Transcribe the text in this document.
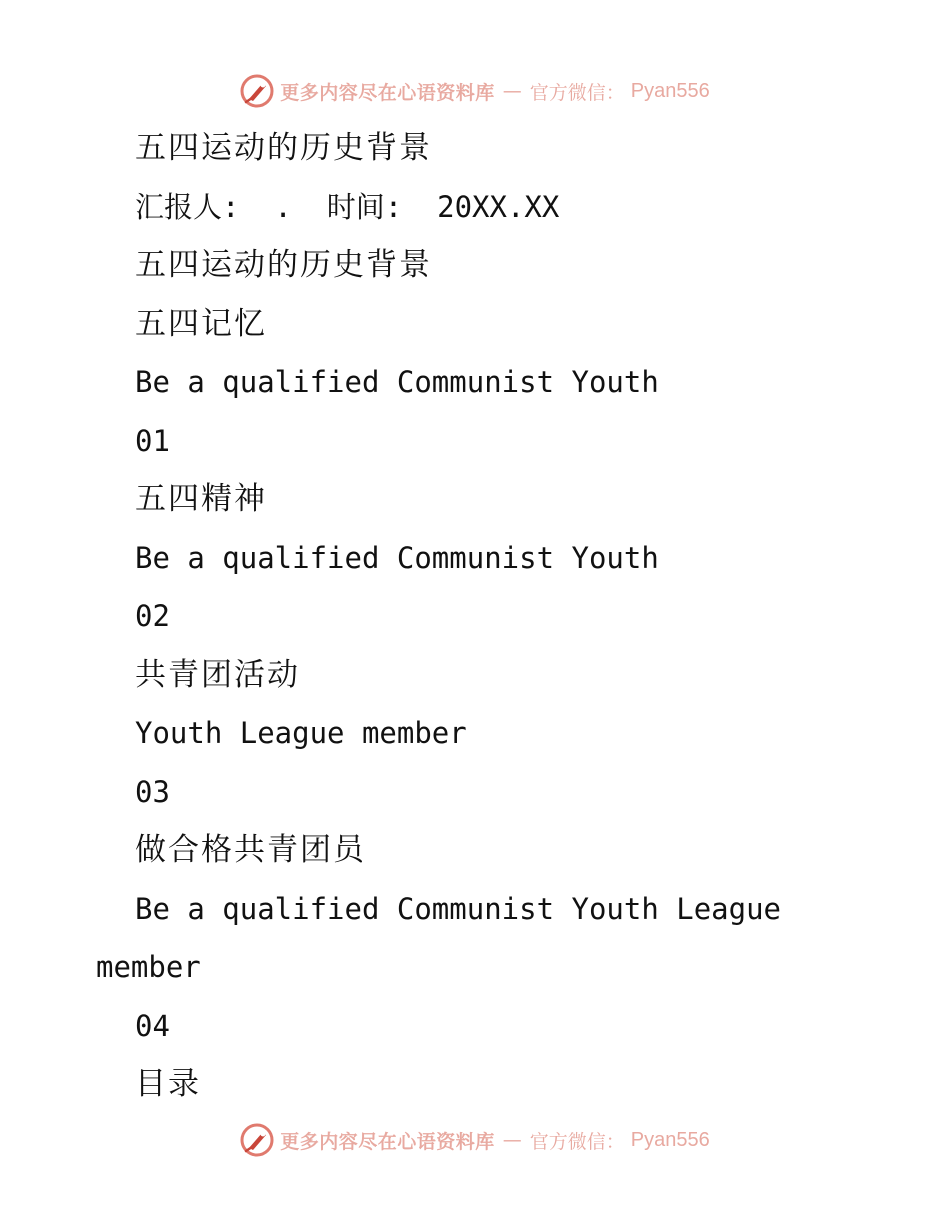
更多内容尽在心语资料库 — 官方微信： Pyan556
五四运动的历史背景
汇报人:  .  时间:  20XX.XX
五四运动的历史背景
五四记忆
Be a qualified Communist Youth
01
五四精神
Be a qualified Communist Youth
02
共青团活动
Youth League member
03
做合格共青团员
Be a qualified Communist Youth League
member
04
目录
更多内容尽在心语资料库 — 官方微信： Pyan556
